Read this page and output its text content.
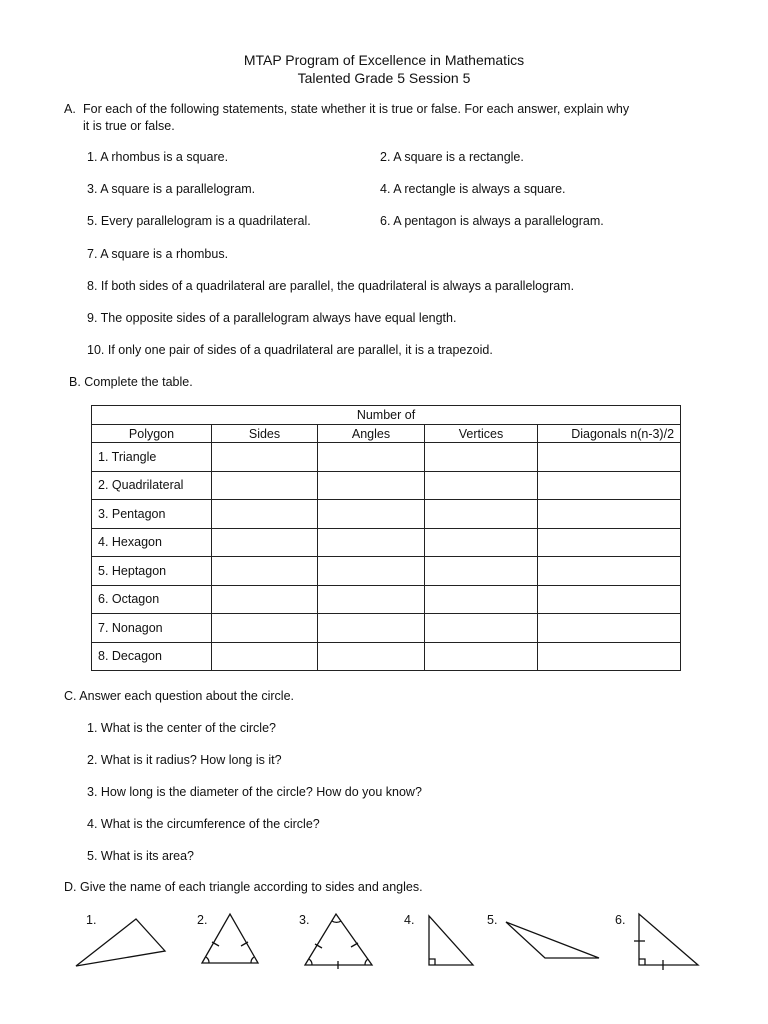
MTAP Program of Excellence in Mathematics
Talented Grade 5 Session 5
A. For each of the following statements, state whether it is true or false. For each answer, explain why
it is true or false.
1. A rhombus is a square.	2. A square is a rectangle.
3. A square is a parallelogram.	4. A rectangle is always a square.
5. Every parallelogram is a quadrilateral.	6. A pentagon is always a parallelogram.
7. A square is a rhombus.
8. If both sides of a quadrilateral are parallel, the quadrilateral is always a parallelogram.
9. The opposite sides of a parallelogram always have equal length.
10. If only one pair of sides of a quadrilateral are parallel, it is a trapezoid.
B. Complete the table.
Number of				
Polygon	Sides	Angles	Vertices	Diagonals n(n-3)/2
1. Triangle				
2. Quadrilateral				
3. Pentagon				
4. Hexagon				
5. Heptagon				
6. Octagon				
7. Nonagon				
8. Decagon				
C. Answer each question about the circle.
1. What is the center of the circle?
2. What is it radius? How long is it?
3. How long is the diameter of the circle? How do you know?
4. What is the circumference of the circle?
5. What is its area?
D. Give the name of each triangle according to sides and angles.
1.	2.	3.	4.	5.	6.
